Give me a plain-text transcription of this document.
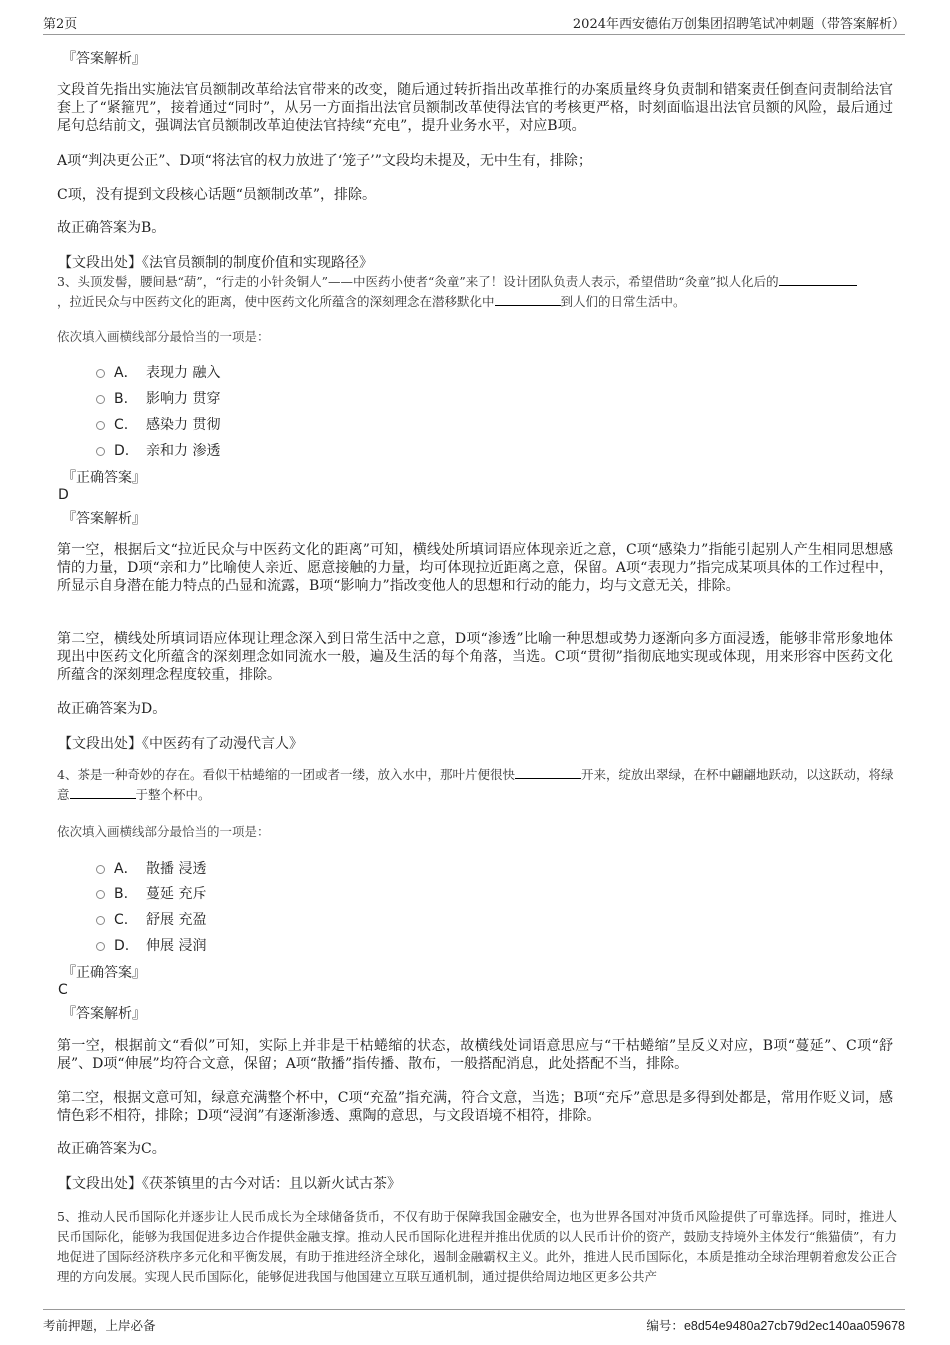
第2页	2024年西安德佑万创集团招聘笔试冲刺题（带答案解析）
『答案解析』
文段首先指出实施法官员额制改革给法官带来的改变，随后通过转折指出改革推行的办案质量终身负责制和错案责任倒查问责制给法官套上了“紧箍咒”，接着通过“同时”，从另一方面指出法官员额制改革使得法官的考核更严格，时刻面临退出法官员额的风险，最后通过尾句总结前文，强调法官员额制改革迫使法官持续“充电”，提升业务水平，对应B项。
A项“判决更公正”、D项“将法官的权力放进了‘笼子’”文段均未提及，无中生有，排除；
C项，没有提到文段核心话题“员额制改革”，排除。
故正确答案为B。
【文段出处】《法官员额制的制度价值和实现路径》
3、头顶发髻，腰间悬“葫”，“行走的小针灸铜人”——中医药小使者“灸童”来了！设计团队负责人表示，希望借助“灸童”拟人化后的
，拉近民众与中医药文化的距离，使中医药文化所蕴含的深刻理念在潜移默化中	到人们的日常生活中。
依次填入画横线部分最恰当的一项是：
A． 表现力 融入
B. 影响力 贯穿
C. 感染力 贯彻
D. 亲和力 渗透
『正确答案』
D
『答案解析』
第一空，根据后文“拉近民众与中医药文化的距离”可知，横线处所填词语应体现亲近之意，C项“感染力”指能引起别人产生相同思想感情的力量，D项“亲和力”比喻使人亲近、愿意接触的力量，均可体现拉近距离之意，保留。A项“表现力”指完成某项具体的工作过程中，所显示自身潜在能力特点的凸显和流露，B项“影响力”指改变他人的思想和行动的能力，均与文意无关，排除。
第二空，横线处所填词语应体现让理念深入到日常生活中之意，D项“渗透”比喻一种思想或势力逐渐向多方面浸透，能够非常形象地体现出中医药文化所蕴含的深刻理念如同流水一般，遍及生活的每个角落，当选。C项“贯彻”指彻底地实现或体现，用来形容中医药文化所蕴含的深刻理念程度较重，排除。
故正确答案为D。
【文段出处】《中医药有了动漫代言人》
4、茶是一种奇妙的存在。看似干枯蜷缩的一团或者一缕，放入水中，那叶片便很快	开来，绽放出翠绿，在杯中翩翩地跃动，以这跃动，将绿意	于整个杯中。
依次填入画横线部分最恰当的一项是：
A． 散播 浸透
B. 蔓延 充斥
C. 舒展 充盈
D. 伸展 浸润
『正确答案』
C
『答案解析』
第一空，根据前文“看似”可知，实际上并非是干枯蜷缩的状态，故横线处词语意思应与“干枯蜷缩”呈反义对应，B项“蔓延”、C项“舒展”、D项“伸展”均符合文意，保留；A项“散播”指传播、散布，一般搭配消息，此处搭配不当，排除。
第二空，根据文意可知，绿意充满整个杯中，C项“充盈”指充满，符合文意，当选；B项“充斥”意思是多得到处都是，常用作贬义词，感情色彩不相符，排除；D项“浸润”有逐渐渗透、熏陶的意思，与文段语境不相符，排除。
故正确答案为C。
【文段出处】《茯茶镇里的古今对话：且以新火试古茶》
5、推动人民币国际化并逐步让人民币成长为全球储备货币，不仅有助于保障我国金融安全，也为世界各国对冲货币风险提供了可靠选择。同时，推进人民币国际化，能够为我国促进多边合作提供金融支撑。推动人民币国际化进程并推出优质的以人民币计价的资产，鼓励支持境外主体发行“熊猫债”，有力地促进了国际经济秩序多元化和平衡发展，有助于推进经济全球化，遏制金融霸权主义。此外，推进人民币国际化，本质是推动全球治理朝着愈发公正合理的方向发展。实现人民币国际化，能够促进我国与他国建立互联互通机制，通过提供给周边地区更多公共产
考前押题，上岸必备	编号：e8d54e9480a27cb79d2ec140aa059678
